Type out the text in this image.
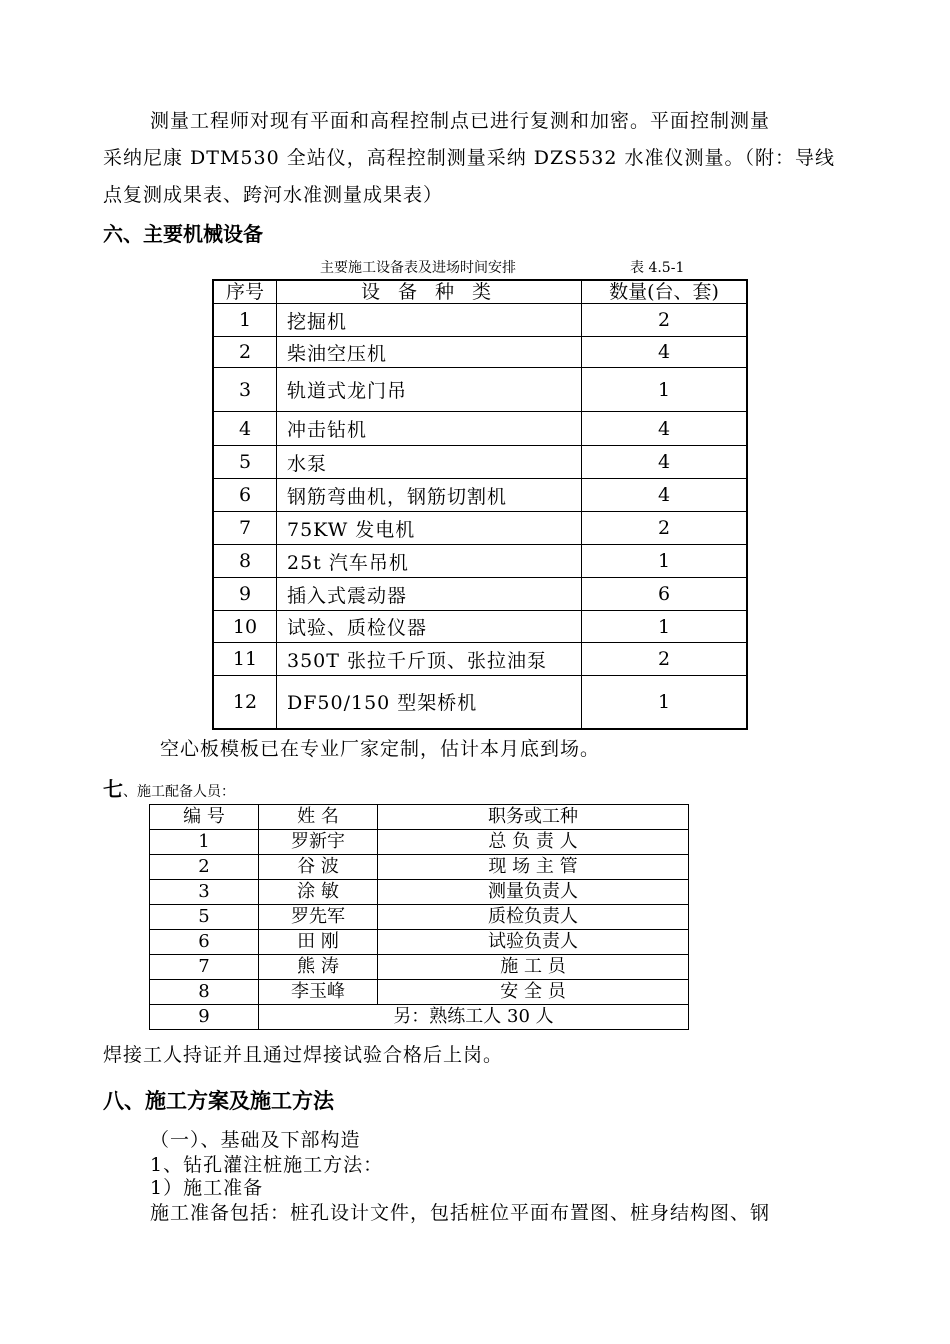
测量工程师对现有平面和高程控制点已进行复测和加密。平面控制测量
采纳尼康 DTM530 全站仪，高程控制测量采纳 DZS532 水准仪测量。（附：导线
点复测成果表、跨河水准测量成果表）
六、主要机械设备
主要施工设备表及进场时间安排	表 4.5-1
序号	设 备 种 类	数量(台、套)
1	挖掘机	2
2	柴油空压机	4
3	轨道式龙门吊	1
4	冲击钻机	4
5	水泵	4
6	钢筋弯曲机，钢筋切割机	4
7	75KW 发电机	2
8	25t 汽车吊机	1
9	插入式震动器	6
10	试验、质检仪器	1
11	350T 张拉千斤顶、张拉油泵	2
12	DF50/150 型架桥机	1
空心板模板已在专业厂家定制，估计本月底到场。
七、施工配备人员：
编 号	姓 名	职务或工种
1	罗新宇	总 负 责 人
2	谷 波	现 场 主 管
3	涂 敏	测量负责人
5	罗先军	质检负责人
6	田 刚	试验负责人
7	熊 涛	施 工 员
8	李玉峰	安 全 员
9	另：熟练工人 30 人	
焊接工人持证并且通过焊接试验合格后上岗。
八、施工方案及施工方法
（一）、基础及下部构造
1、钻孔灌注桩施工方法：
1）施工准备
施工准备包括：桩孔设计文件，包括桩位平面布置图、桩身结构图、钢
